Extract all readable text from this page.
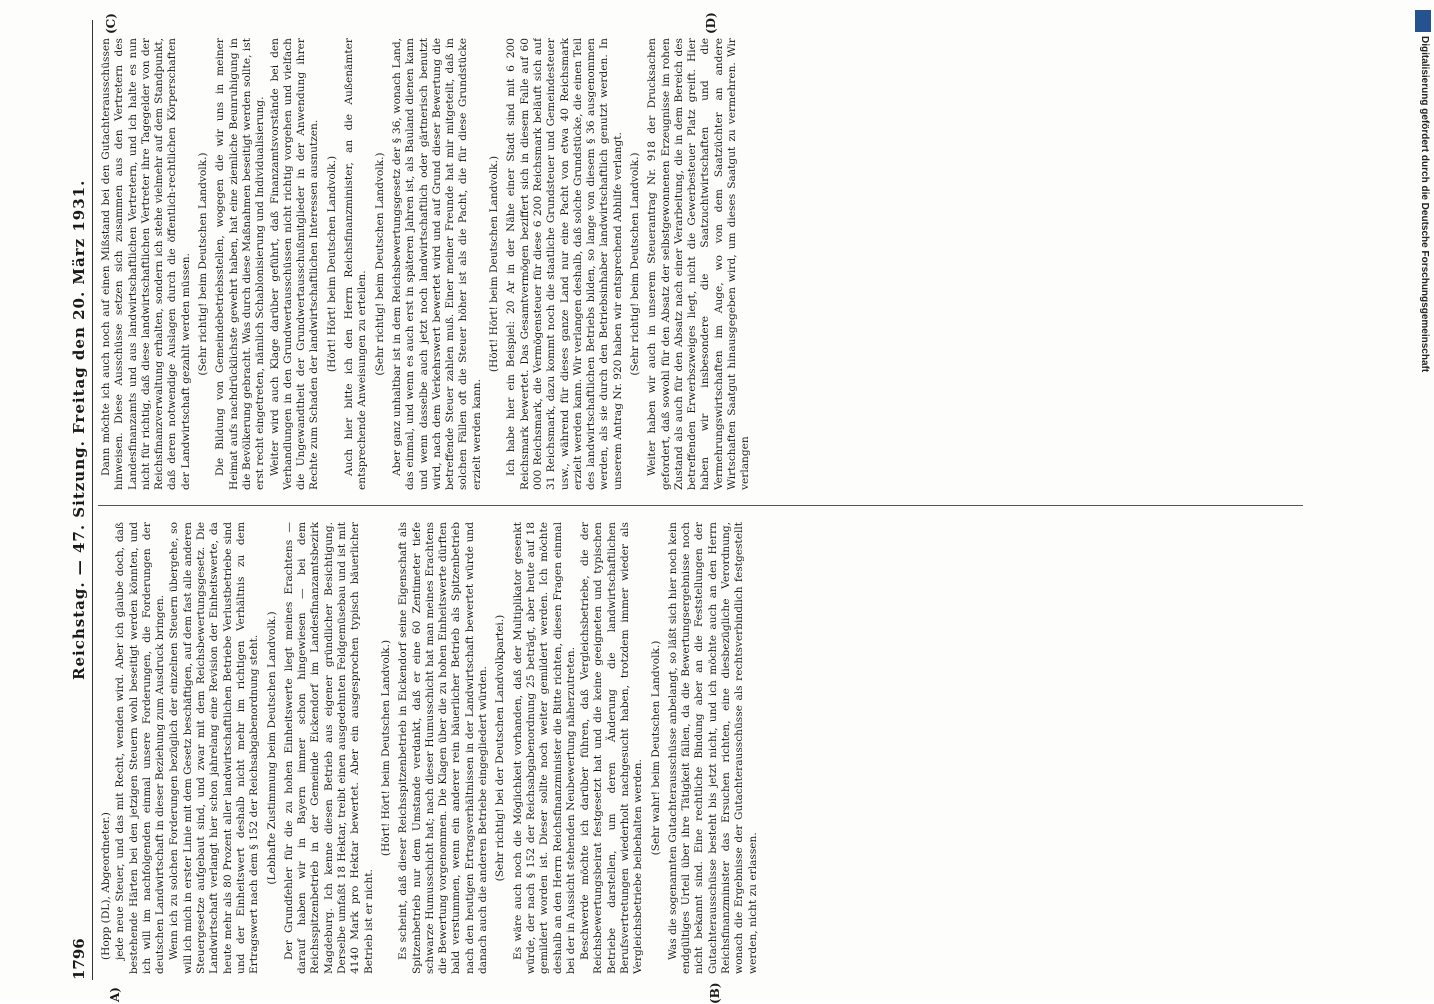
1796
Reichstag. — 47. Sitzung. Freitag den 20. März 1931.

(Hopp (DL), Abgeordneter.) jede neue Steuer, und das mit Recht, wenden wird. Aber ich glaube doch, daß bestehende Härten bei den jetzigen Steuern wohl beseitigt werden könnten, und ich will im nachfolgenden einmal unsere Forderungen, die Forderungen der deutschen Landwirtschaft in dieser Beziehung zum Ausdruck bringen. Wenn ich zu solchen Forderungen bezüglich der einzelnen Steuern übergehe, so will ich mich in erster Linie mit dem Gesetz beschäftigen, auf dem fast alle anderen Steuergesetze aufgebaut sind, und zwar mit dem Reichsbewertungsgesetz. Die Landwirtschaft verlangt hier schon jahrelang eine Revision der Einheitswerte, da heute mehr als 80 Prozent aller landwirtschaftlichen Betriebe Verlustbetriebe sind und der Einheitswert deshalb nicht mehr im richtigen Verhältnis zu dem Ertragswert nach dem § 152 der Reichsabgabenordnung steht. (Lebhafte Zustimmung beim Deutschen Landvolk.) Der Grundfehler für die zu hohen Einheitswerte liegt meines Erachtens — darauf haben wir in Bayern immer schon hingewiesen — bei dem Reichsspitzenbetrieb in der Gemeinde Eickendorf im Landesfinanzamtsbezirk Magdeburg. Ich kenne diesen Betrieb aus eigener gründlicher Besichtigung. Derselbe umfaßt 18 Hektar, treibt einen ausgedehnten Feldgemüsebau und ist mit 4140 Mark pro Hektar bewertet. Aber ein ausgesprochen typisch bäuerlicher Betrieb ist er nicht.

(Hört! Hört! beim Deutschen Landvolk.) Es scheint, daß dieser Reichsspitzenbetrieb in Eickendorf seine Eigenschaft als Spitzenbetrieb nur dem Umstande verdankt, daß er eine 60 Zentimeter tiefe schwarze Humusschicht hat; nach dieser Humusschicht hat man meines Erachtens die Bewertung vorgenommen. Die Klagen über die zu hohen Einheitswerte dürften bald verstummen, wenn ein anderer rein bäuerlicher Betrieb als Spitzenbetrieb nach den heutigen Ertragsverhältnissen in der Landwirtschaft bewertet würde und danach auch die anderen Betriebe eingegliedert würden. (Sehr richtig! bei der Deutschen Landvolkpartei.) Es wäre auch noch die Möglichkeit vorhanden, daß der Multiplikator gesenkt würde, der nach § 152 der Reichsabgabenordnung 25 beträgt, aber heute auf 18 gemildert worden ist. Dieser sollte noch weiter gemildert werden. Ich möchte deshalb an den Herrn Reichsfinanzminister die Bitte richten, diesen Fragen einmal bei der in Aussicht stehenden Neubewertung näherzutreten. Beschwerde möchte ich darüber führen, daß Vergleichsbetriebe, die der Reichsbewertungsbeirat festgesetzt hat und die keine geeigneten und typischen Betriebe darstellen, um deren Änderung die landwirtschaftlichen Berufsvertretungen wiederholt nachgesucht haben, trotzdem immer wieder als Vergleichsbetriebe beibehalten werden.

(Sehr wahr! beim Deutschen Landvolk.) Was die sogenannten Gutachterausschüsse anbelangt, so läßt sich hier noch kein endgültiges Urteil über ihre Tätigkeit fällen, da die Bewertungsergebnisse noch nicht bekannt sind. Eine rechtliche Bindung aber an die Feststellungen der Gutachterausschüsse besteht bis jetzt nicht, und ich möchte auch an den Herrn Reichsfinanzminister das Ersuchen richten, eine diesbezügliche Verordnung, wonach die Ergebnisse der Gutachterausschüsse als rechtsverbindlich festgestellt werden, nicht zu erlassen.

Dann möchte ich auch noch auf einen Mißstand bei den Gutachterausschüssen hinweisen. Diese Ausschüsse setzen sich zusammen aus den Vertretern des Landesfinanzamts und aus landwirtschaftlichen Vertretern, und ich halte es nun nicht für richtig, daß diese landwirtschaftlichen Vertreter ihre Tagegelder von der Reichsfinanzverwaltung erhalten, sondern ich stehe vielmehr auf dem Standpunkt, daß deren notwendige Auslagen durch die öffentlich-rechtlichen Körperschaften der Landwirtschaft gezahlt werden müssen. (Sehr richtig! beim Deutschen Landvolk.) Die Bildung von Gemeindebetriebsstellen, wogegen die wir uns in meiner Heimat aufs nachdrücklichste gewehrt haben, hat eine ziemliche Beunruhigung in die Bevölkerung gebracht. Was durch diese Maßnahmen beseitigt werden sollte, ist erst recht eingetreten, nämlich Schablonisierung und Individualisierung. Weiter wird auch Klage darüber geführt, daß Finanzamtsvorstände bei den Verhandlungen in den Grundwertausschüssen nicht richtig vorgehen und vielfach die Ungewandtheit der Grundwertausschußmitglieder in der Anwendung ihrer Rechte zum Schaden der landwirtschaftlichen Interessen ausnutzen. (Hört! Hört! beim Deutschen Landvolk.) Auch hier bitte ich den Herrn Reichsfinanzminister, an die Außenämter entsprechende Anweisungen zu erteilen.

(Sehr richtig! beim Deutschen Landvolk.) Aber ganz unhaltbar ist in dem Reichsbewertungsgesetz der § 36, wonach Land, das einmal, und wenn es auch erst in späteren Jahren ist, als Bauland dienen kann und wenn dasselbe auch jetzt noch landwirtschaftlich oder gärtnerisch benutzt wird, nach dem Verkehrswert bewertet wird und auf Grund dieser Bewertung die betreffende Steuer zahlen muß. Einer meiner Freunde hat mir mitgeteilt, daß in solchen Fällen oft die Steuer höher ist als die Pacht, die für diese Grundstücke erzielt werden kann.

(Hört! Hört! beim Deutschen Landvolk.) Ich habe hier ein Beispiel: 20 Ar in der Nähe einer Stadt sind mit 6 200 Reichsmark bewertet. Das Gesamtvermögen beziffert sich in diesem Falle auf 60 000 Reichsmark, die Vermögensteuer für diese 6 200 Reichsmark beläuft sich auf 31 Reichsmark, dazu kommt noch die staatliche Grundsteuer und Gemeindesteuer usw., während für dieses ganze Land nur eine Pacht von etwa 40 Reichsmark erzielt werden kann. Wir verlangen deshalb, daß solche Grundstücke, die einen Teil des landwirtschaftlichen Betriebs bilden, so lange von diesem § 36 ausgenommen werden, als sie durch den Betriebsinhaber landwirtschaftlich genutzt werden. In unserem Antrag Nr. 920 haben wir entsprechend Abhilfe verlangt. (Sehr richtig! beim Deutschen Landvolk.) Weiter haben wir auch in unserem Steuerantrag Nr. 918 der Drucksachen gefordert, daß sowohl für den Absatz der selbstgewonnenen Erzeugnisse im rohen Zustand als auch für den Absatz nach einer Verarbeitung, die in dem Bereich des betreffenden Erwerbszweiges liegt, nicht die Gewerbesteuer Platz greift. Hier haben wir insbesondere die Saatzuchtwirtschaften und die Vermehrungswirtschaften im Auge, wo von dem Saatzüchter an andere Wirtschaften Saatgut hinausgegeben wird, um dieses Saatgut zu vermehren. Wir verlangen

A)	(B)
(C)	(D)
Digitalisierung gefördert durch die Deutsche Forschungsgemeinschaft
